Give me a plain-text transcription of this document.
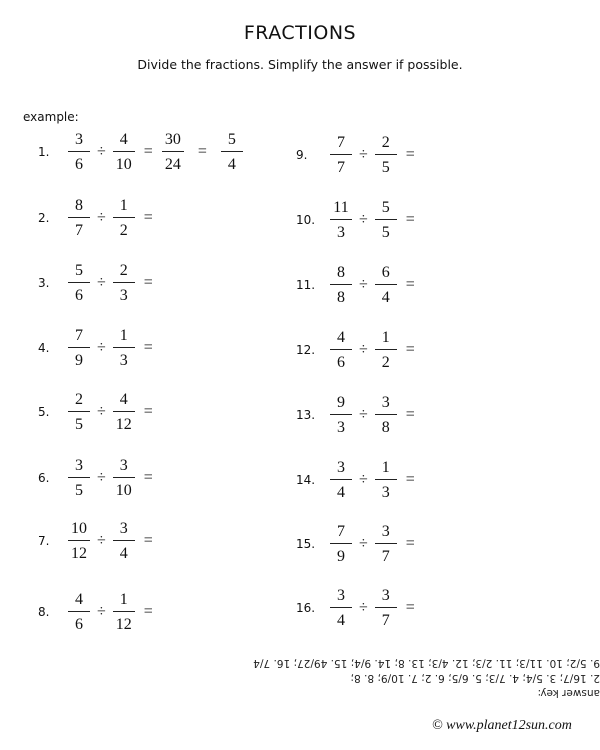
FRACTIONS
Divide the fractions. Simplify the answer if possible.
example:
1. $\frac{3}{6} \div \frac{4}{10} = \frac{30}{24} = \frac{5}{4}$
2. $\frac{8}{7} \div \frac{1}{2}$ =
3. $\frac{5}{6} \div \frac{2}{3}$ =
4. $\frac{7}{9} \div \frac{1}{3}$ =
5. $\frac{2}{5} \div \frac{4}{12}$ =
6. $\frac{3}{5} \div \frac{3}{10}$ =
7. $\frac{10}{12} \div \frac{3}{4}$ =
8. $\frac{4}{6} \div \frac{1}{12}$ =
9.	$\frac{7}{7} \div \frac{2}{5}$ =
10. $\frac{11}{3} \div \frac{5}{5}$ =
11. $\frac{8}{8} \div \frac{6}{4}$ =
12. $\frac{4}{6} \div \frac{1}{2}$ =
13. $\frac{9}{3} \div \frac{3}{8}$ =
14. $\frac{3}{4} \div \frac{1}{3}$ =
15. $\frac{7}{9} \div \frac{3}{7}$ =
16. $\frac{3}{4} \div \frac{3}{7}$ =
answer key:
2. 16/7; 3. 5/4; 4. 7/3; 5. 6/5; 6. 2; 7. 10/9; 8. 8;
9. 5/2; 10. 11/3; 11. 2/3; 12. 4/3; 13. 8; 14. 9/4; 15. 49/27; 16. 7/4
© www.planet12sun.com
